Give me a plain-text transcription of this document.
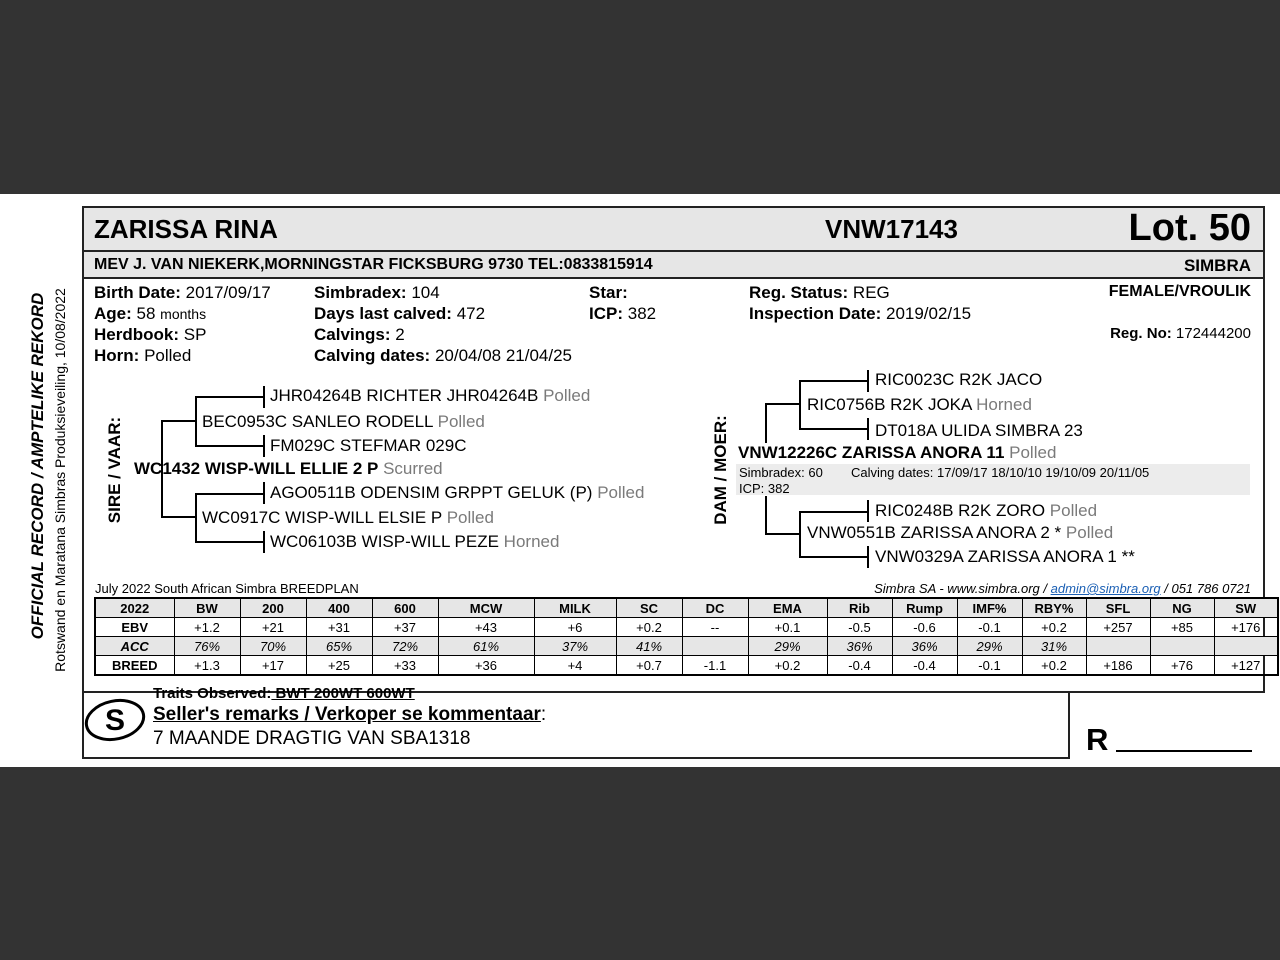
OFFICIAL RECORD / AMPTELIKE REKORD Rotswand en Maratana Simbras Produksieveiling, 10/08/2022
ZARISSA RINA	VNW17143	Lot. 50
MEV J. VAN NIEKERK,MORNINGSTAR FICKSBURG 9730 TEL:0833815914	SIMBRA
Birth Date: 2017/09/17
Age: 58 months
Herdbook: SP
Horn: Polled
Simbradex: 104
Days last calved: 472
Calvings: 2
Calving dates: 20/04/08 21/04/25
Star:
ICP: 382
Reg. Status: REG
Inspection Date: 2019/02/15
FEMALE/VROULIK
Reg. No: 172444200
SIRE / VAAR:
JHR04264B RICHTER JHR04264B Polled
BEC0953C SANLEO RODELL Polled
FM029C STEFMAR 029C
WC1432 WISP-WILL ELLIE 2 P Scurred
AGO0511B ODENSIM GRPPT GELUK (P) Polled
WC0917C WISP-WILL ELSIE P Polled
WC06103B WISP-WILL PEZE Horned
DAM / MOER:
RIC0023C R2K JACO
RIC0756B R2K JOKA Horned
DT018A ULIDA SIMBRA 23
VNW12226C ZARISSA ANORA 11 Polled
Simbradex: 60 Calving dates: 17/09/17 18/10/10 19/10/09 20/11/05
ICP: 382
RIC0248B R2K ZORO Polled
VNW0551B ZARISSA ANORA 2 * Polled
VNW0329A ZARISSA ANORA 1 **
July 2022 South African Simbra BREEDPLAN	Simbra SA - www.simbra.org / admin@simbra.org / 051 786 0721
2022	BW	200	400	600	MCW	MILK	SC	DC	EMA	Rib	Rump	IMF%	RBY%	SFL	NG	SW
EBV	+1.2	+21	+31	+37	+43	+6	+0.2	--	+0.1	-0.5	-0.6	-0.1	+0.2	+257	+85	+176
ACC	76%	70%	65%	72%	61%	37%	41%		29%	36%	36%	29%	31%			
BREED	+1.3	+17	+25	+33	+36	+4	+0.7	-1.1	+0.2	-0.4	-0.4	-0.1	+0.2	+186	+76	+127
S
Traits Observed: BWT 200WT 600WT
Seller's remarks / Verkoper se kommentaar:
7 MAANDE DRAGTIG VAN SBA1318	R
